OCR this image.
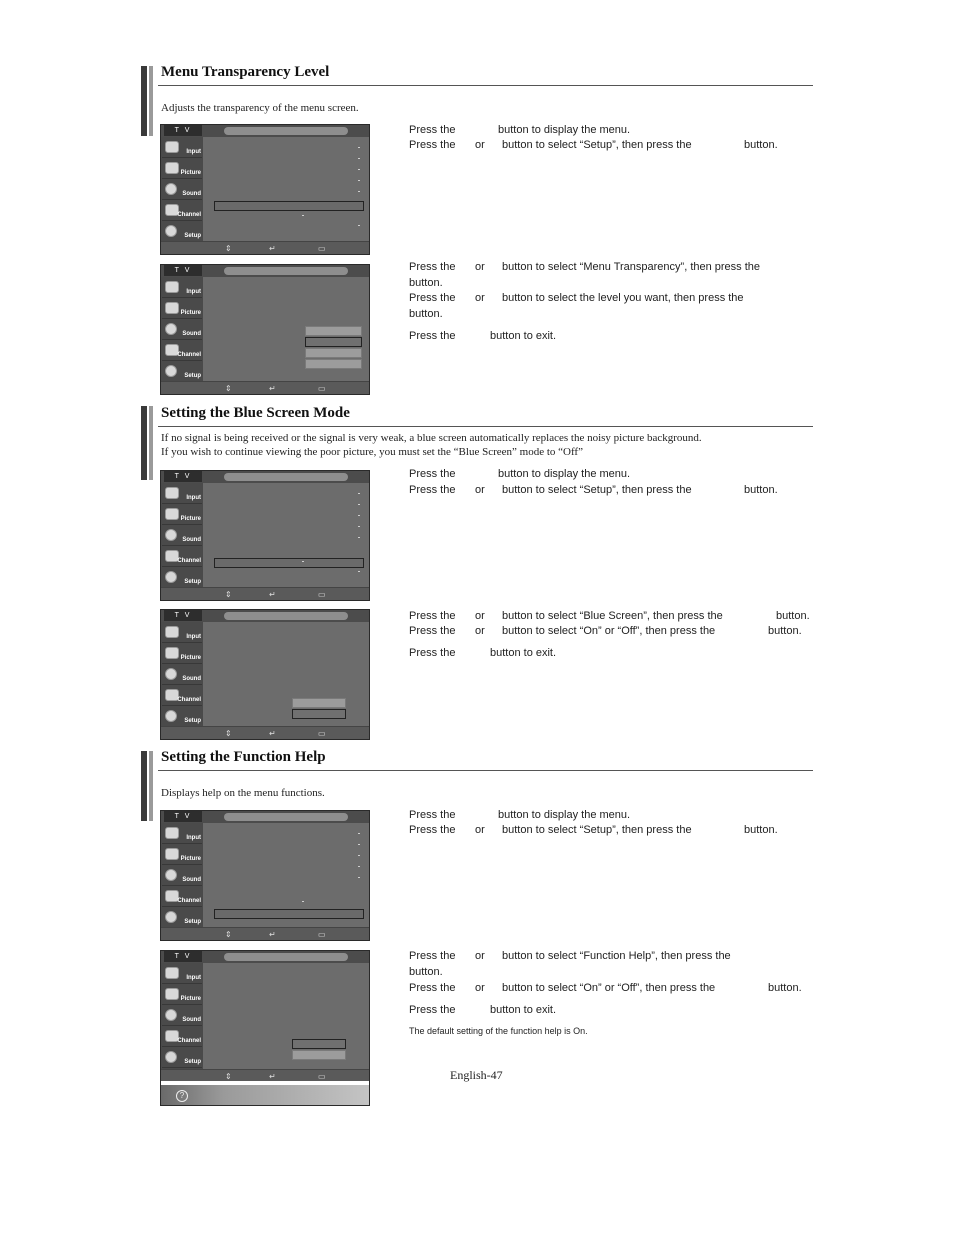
Menu Transparency Level
Adjusts the transparency of the menu screen.
T V
Input
Picture
Sound
Channel
Setup
⇕	↵	▭
Press the	button to display the menu.
Press the or button to select “Setup”, then press the	button.
T V
Input
Picture
Sound
Channel
Setup
⇕	↵	▭
Press the or button to select “Menu Transparency”, then press the
button.
Press the or button to select the level you want, then press the
button.
Press the	button to exit.
Setting the Blue Screen Mode
If no signal is being received or the signal is very weak, a blue screen automatically replaces the noisy picture background.
If you wish to continue viewing the poor picture, you must set the “Blue Screen” mode to “Off”
T V
Input
Picture
Sound
Channel
Setup
⇕	↵	▭
Press the	button to display the menu.
Press the or button to select “Setup”, then press the	button.
T V
Input
Picture
Sound
Channel
Setup
⇕	↵	▭
Press the or button to select “Blue Screen”, then press the	button.
Press the or button to select “On” or “Off”, then press the	button.
Press the	button to exit.
Setting the Function Help
Displays help on the menu functions.
T V
Input
Picture
Sound
Channel
Setup
⇕	↵	▭
Press the	button to display the menu.
Press the or button to select “Setup”, then press the	button.
T V
Input
Picture
Sound
Channel
Setup
⇕	↵	▭
?
Press the or button to select “Function Help”, then press the
button.
Press the or button to select “On” or “Off”, then press the	button.
Press the	button to exit.
The default setting of the function help is On.
English-47
